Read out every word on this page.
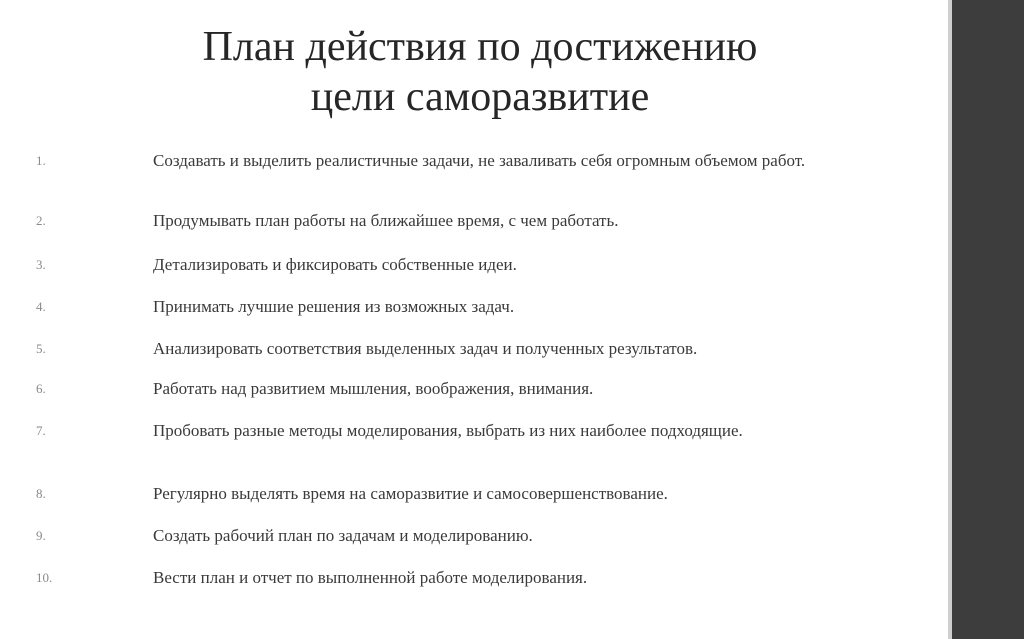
План действия по достижению
цели саморазвитие
1.	Создавать и выделить реалистичные задачи, не заваливать себя огромным объемом работ.
2.	Продумывать план работы на ближайшее время, с чем работать.
3.	Детализировать и фиксировать собственные идеи.
4.	Принимать лучшие решения из возможных задач.
5.	Анализировать соответствия выделенных задач и полученных результатов.
6.	Работать над развитием мышления, воображения, внимания.
7.	Пробовать разные методы моделирования, выбрать из них наиболее подходящие.
8.	Регулярно выделять время на саморазвитие и самосовершенствование.
9.	Создать рабочий план по задачам и моделированию.
10.	Вести план и отчет по выполненной работе моделирования.
